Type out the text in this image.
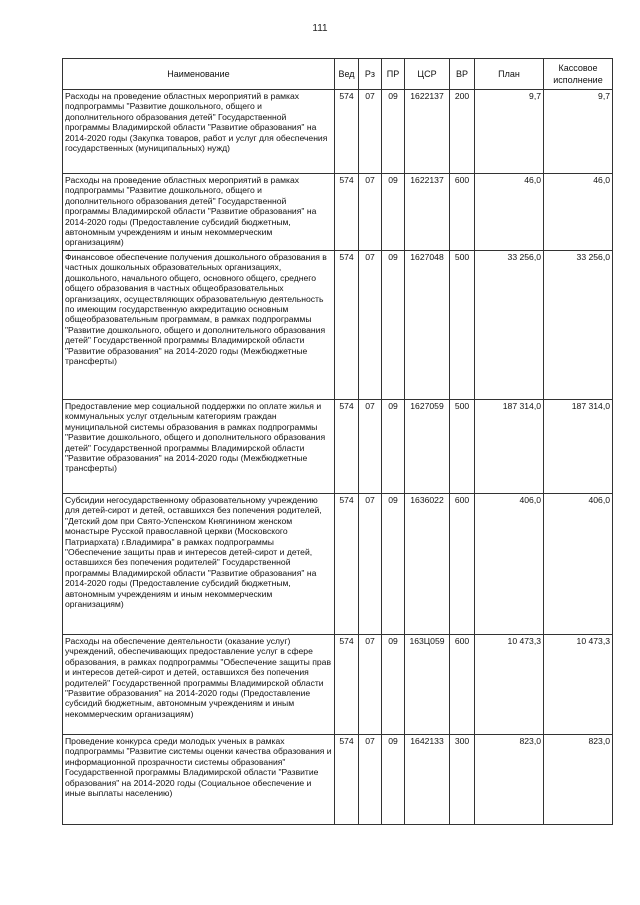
111
Наименование	Вед	Рз	ПР	ЦСР	ВР	План	Кассовое исполнение
Расходы на проведение областных мероприятий в рамках подпрограммы "Развитие дошкольного, общего и дополнительного образования детей" Государственной программы Владимирской области "Развитие образования" на 2014-2020 годы (Закупка товаров, работ и услуг для обеспечения государственных (муниципальных) нужд)	574	07	09	1622137	200	9,7	9,7
Расходы на проведение областных мероприятий в рамках подпрограммы "Развитие дошкольного, общего и дополнительного образования детей" Государственной программы Владимирской области "Развитие образования" на 2014-2020 годы (Предоставление субсидий бюджетным, автономным учреждениям и иным некоммерческим организациям)	574	07	09	1622137	600	46,0	46,0
Финансовое обеспечение получения дошкольного образования в частных дошкольных образовательных организациях, дошкольного, начального общего, основного общего, среднего общего образования в частных общеобразовательных организациях, осуществляющих образовательную деятельность по имеющим государственную аккредитацию основным общеобразовательным программам, в рамках подпрограммы "Развитие дошкольного, общего и дополнительного образования детей" Государственной программы Владимирской области "Развитие образования" на 2014-2020 годы (Межбюджетные трансферты)	574	07	09	1627048	500	33 256,0	33 256,0
Предоставление мер социальной поддержки по оплате жилья и коммунальных услуг отдельным категориям граждан муниципальной системы образования в рамках подпрограммы "Развитие дошкольного, общего и дополнительного образования детей" Государственной программы Владимирской области "Развитие образования" на 2014-2020 годы (Межбюджетные трансферты)	574	07	09	1627059	500	187 314,0	187 314,0
Субсидии негосударственному образовательному учреждению для детей-сирот и детей, оставшихся без попечения родителей, "Детский дом при Свято-Успенском Княгинином женском монастыре Русской православной церкви (Московского Патриархата) г.Владимира" в рамках подпрограммы "Обеспечение защиты прав и интересов детей-сирот и детей, оставшихся без попечения родителей" Государственной программы Владимирской области "Развитие образования" на 2014-2020 годы (Предоставление субсидий бюджетным, автономным учреждениям и иным некоммерческим организациям)	574	07	09	1636022	600	406,0	406,0
Расходы на обеспечение деятельности (оказание услуг) учреждений, обеспечивающих предоставление услуг в сфере образования, в рамках подпрограммы "Обеспечение защиты прав и интересов детей-сирот и детей, оставшихся без попечения родителей" Государственной программы Владимирской области "Развитие образования" на 2014-2020 годы (Предоставление субсидий бюджетным, автономным учреждениям и иным некоммерческим организациям)	574	07	09	163Ц059	600	10 473,3	10 473,3
Проведение конкурса среди молодых ученых в рамках подпрограммы "Развитие системы оценки качества образования и информационной прозрачности системы образования" Государственной программы Владимирской области "Развитие образования" на 2014-2020 годы (Социальное обеспечение и иные выплаты населению)	574	07	09	1642133	300	823,0	823,0
